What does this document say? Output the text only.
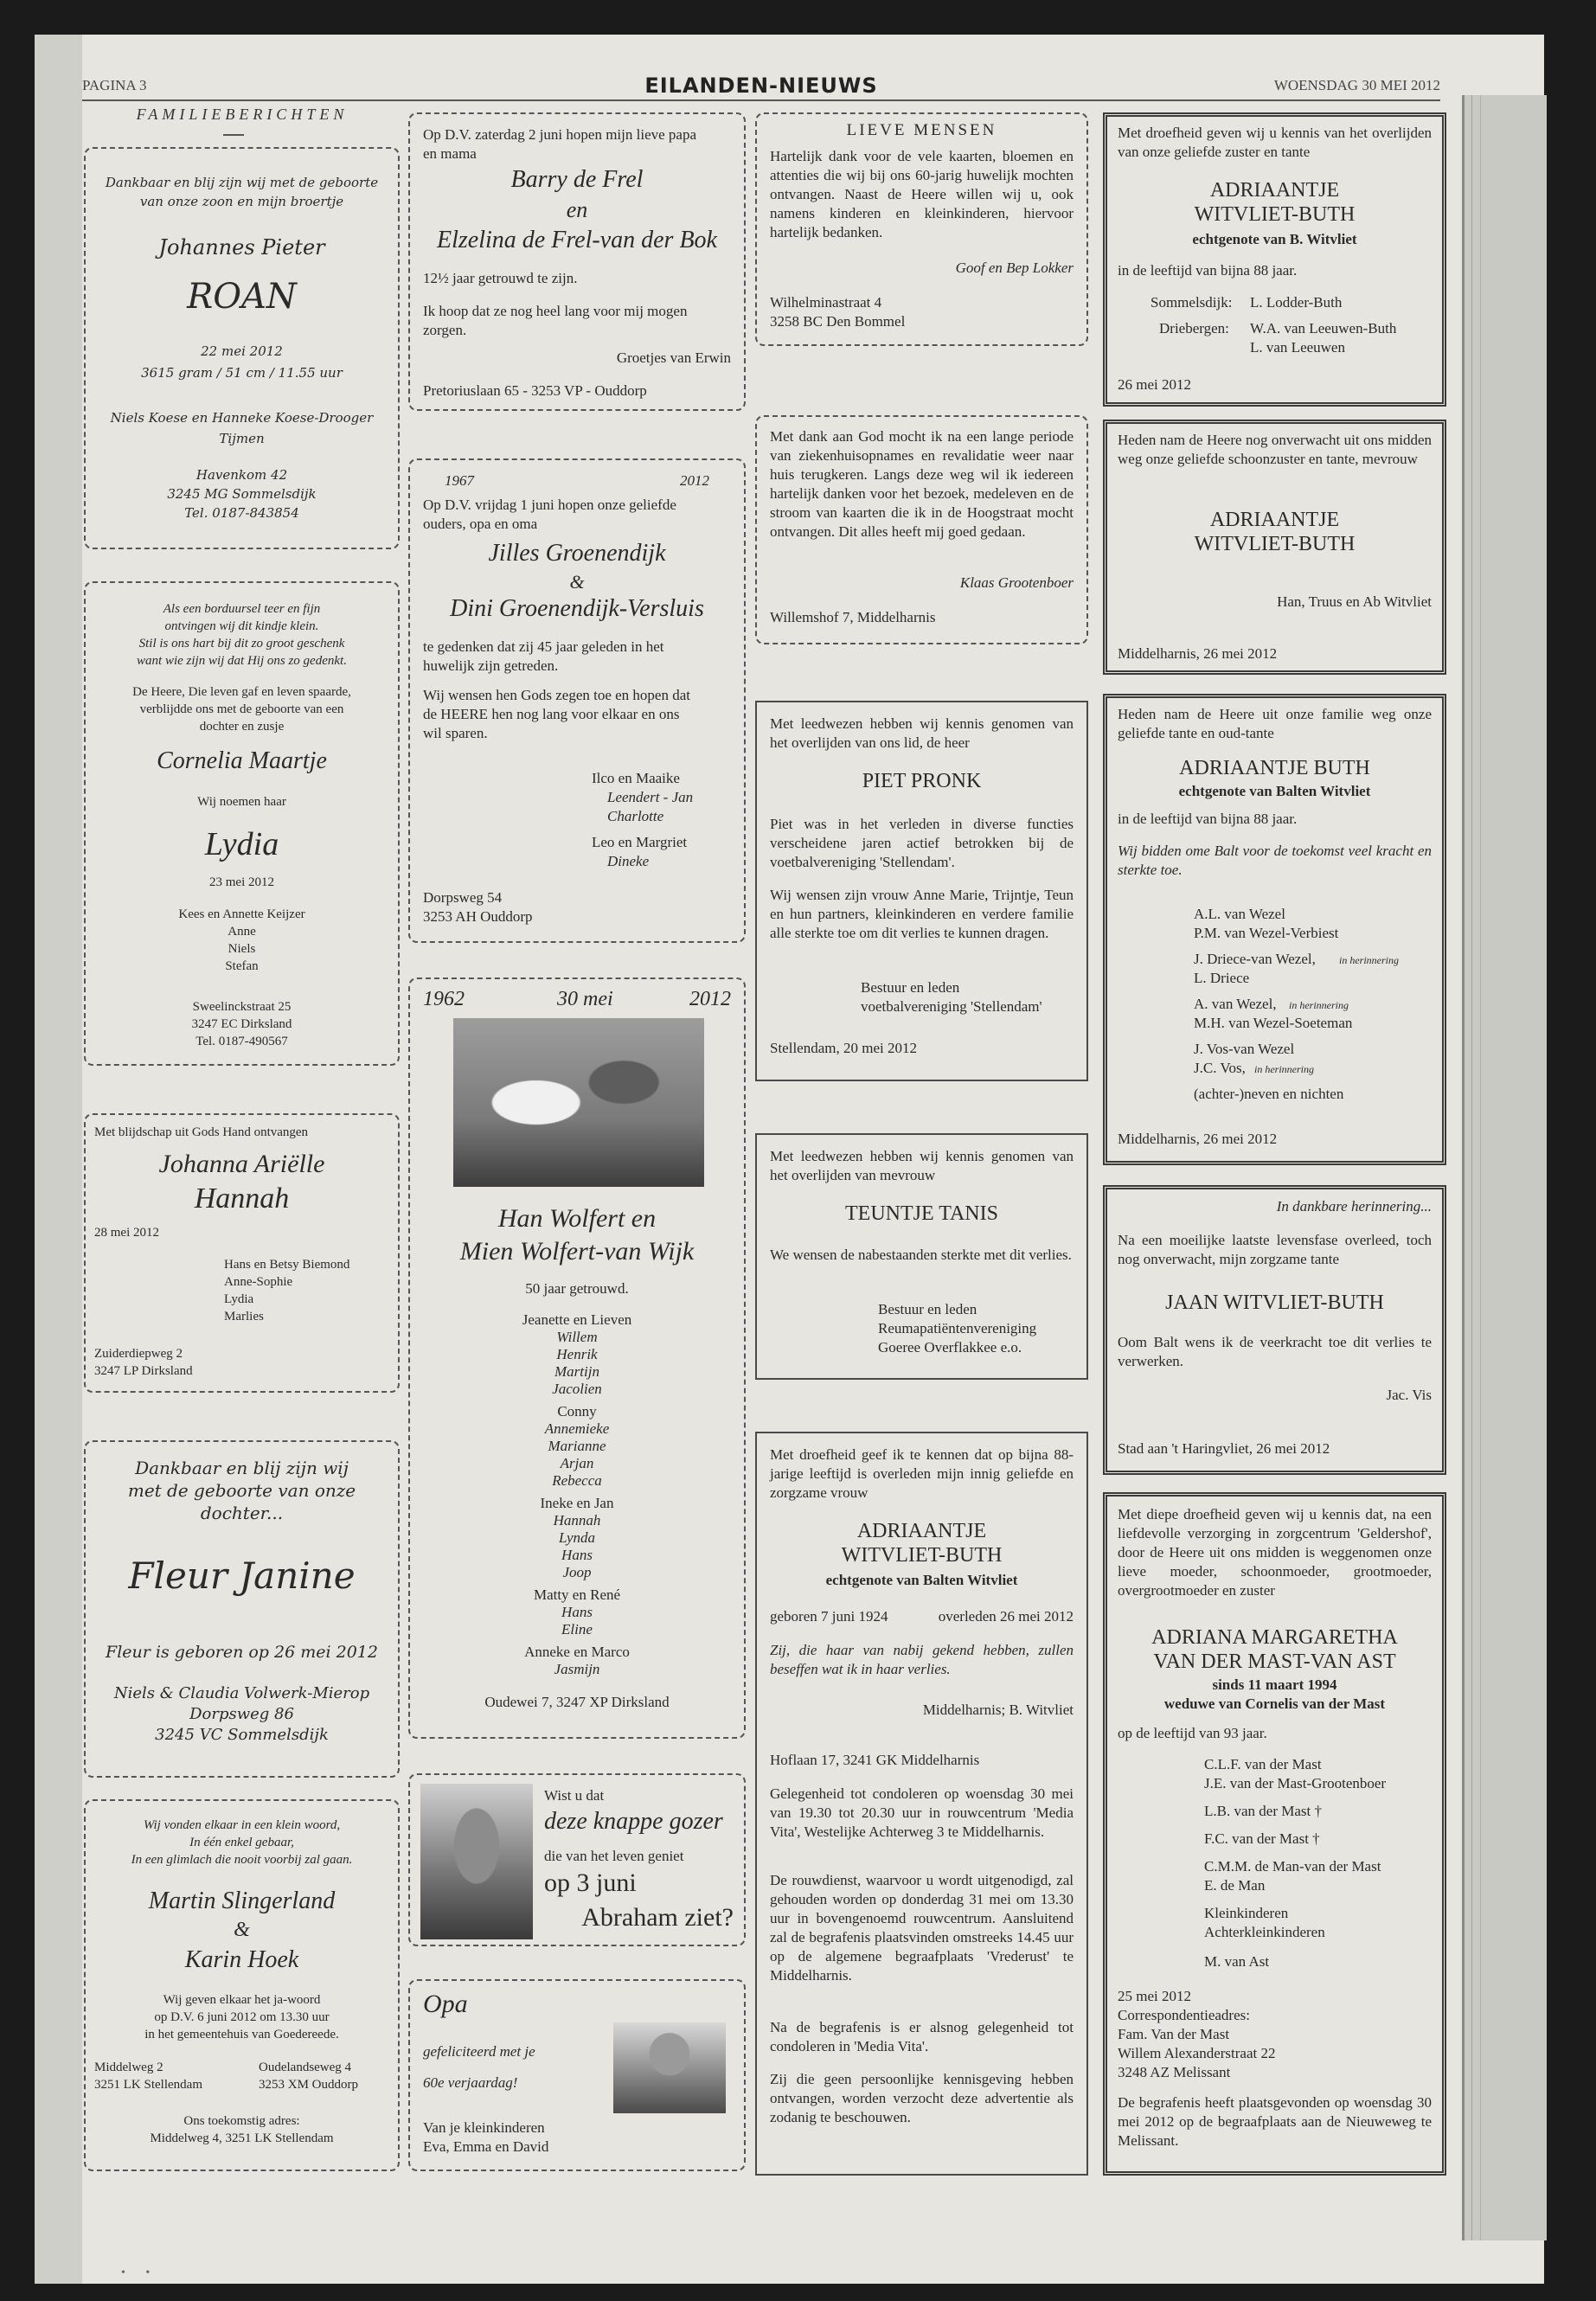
PAGINA 3	EILANDEN-NIEUWS	WOENSDAG 30 MEI 2012
FAMILIEBERICHTEN
Dankbaar en blij zijn wij met de geboorte
van onze zoon en mijn broertje
Johannes Pieter
ROAN
22 mei 2012
3615 gram / 51 cm / 11.55 uur
Niels Koese en Hanneke Koese-Drooger
Tijmen
Havenkom 42
3245 MG Sommelsdijk
Tel. 0187-843854
Als een borduursel teer en fijn
ontvingen wij dit kindje klein.
Stil is ons hart bij dit zo groot geschenk
want wie zijn wij dat Hij ons zo gedenkt.
De Heere, Die leven gaf en leven spaarde,
verblijdde ons met de geboorte van een
dochter en zusje
Cornelia Maartje
Wij noemen haar
Lydia
23 mei 2012
Kees en Annette Keijzer
Anne
Niels
Stefan
Sweelinckstraat 25
3247 EC Dirksland
Tel. 0187-490567
Met blijdschap uit Gods Hand ontvangen
Johanna Ariëlle
Hannah
28 mei 2012
Hans en Betsy Biemond
Anne-Sophie
Lydia
Marlies
Zuiderdiepweg 2
3247 LP Dirksland
Dankbaar en blij zijn wij
met de geboorte van onze
dochter...
Fleur Janine
Fleur is geboren op 26 mei 2012
Niels & Claudia Volwerk-Mierop
Dorpsweg 86
3245 VC Sommelsdijk
Wij vonden elkaar in een klein woord,
In één enkel gebaar,
In een glimlach die nooit voorbij zal gaan.
Martin Slingerland
&
Karin Hoek
Wij geven elkaar het ja-woord
op D.V. 6 juni 2012 om 13.30 uur
in het gemeentehuis van Goedereede.
Middelweg 2
3251 LK Stellendam
Oudelandseweg 4
3253 XM Ouddorp
Ons toekomstig adres:
Middelweg 4, 3251 LK Stellendam
Op D.V. zaterdag 2 juni hopen mijn lieve papa
en mama
Barry de Frel
en
Elzelina de Frel-van der Bok
12½ jaar getrouwd te zijn.
Ik hoop dat ze nog heel lang voor mij mogen
zorgen.
Groetjes van Erwin
Pretoriuslaan 65 - 3253 VP - Ouddorp
1967	2012
Op D.V. vrijdag 1 juni hopen onze geliefde
ouders, opa en oma
Jilles Groenendijk
&
Dini Groenendijk-Versluis
te gedenken dat zij 45 jaar geleden in het
huwelijk zijn getreden.
Wij wensen hen Gods zegen toe en hopen dat
de HEERE hen nog lang voor elkaar en ons
wil sparen.
Ilco en Maaike
Leendert - Jan
Charlotte
Leo en Margriet
Dineke
Dorpsweg 54
3253 AH Ouddorp
1962	30 mei	2012
Han Wolfert en
Mien Wolfert-van Wijk
50 jaar getrouwd.
Jeanette en Lieven
Willem
Henrik
Martijn
Jacolien
Conny
Annemieke
Marianne
Arjan
Rebecca
Ineke en Jan
Hannah
Lynda
Hans
Joop
Matty en René
Hans
Eline
Anneke en Marco
Jasmijn
Oudewei 7, 3247 XP Dirksland
Wist u dat
deze knappe gozer
die van het leven geniet
op 3 juni
Abraham ziet?
Opa
gefeliciteerd met je
60e verjaardag!
Van je kleinkinderen
Eva, Emma en David
LIEVE MENSEN
Hartelijk dank voor de vele kaarten, bloemen en attenties die wij bij ons 60-jarig huwelijk mochten ontvangen. Naast de Heere willen wij u, ook namens kinderen en kleinkinderen, hiervoor hartelijk bedanken.
Goof en Bep Lokker
Wilhelminastraat 4
3258 BC Den Bommel
Met dank aan God mocht ik na een lange periode van ziekenhuisopnames en revalidatie weer naar huis terugkeren. Langs deze weg wil ik iedereen hartelijk danken voor het bezoek, medeleven en de stroom van kaarten die ik in de Hoogstraat mocht ontvangen. Dit alles heeft mij goed gedaan.
Klaas Grootenboer
Willemshof 7, Middelharnis
Met leedwezen hebben wij kennis genomen van het overlijden van ons lid, de heer
PIET PRONK
Piet was in het verleden in diverse functies verscheidene jaren actief betrokken bij de voetbalvereniging 'Stellendam'.
Wij wensen zijn vrouw Anne Marie, Trijntje, Teun en hun partners, kleinkinderen en verdere familie alle sterkte toe om dit verlies te kunnen dragen.
Bestuur en leden
voetbalvereniging 'Stellendam'
Stellendam, 20 mei 2012
Met leedwezen hebben wij kennis genomen van het overlijden van mevrouw
TEUNTJE TANIS
We wensen de nabestaanden sterkte met dit verlies.
Bestuur en leden
Reumapatiëntenvereniging
Goeree Overflakkee e.o.
Met droefheid geef ik te kennen dat op bijna 88-jarige leeftijd is overleden mijn innig geliefde en zorgzame vrouw
ADRIAANTJE
WITVLIET-BUTH
echtgenote van Balten Witvliet
geboren 7 juni 1924	overleden 26 mei 2012
Zij, die haar van nabij gekend hebben, zullen beseffen wat ik in haar verlies.
Middelharnis; B. Witvliet
Hoflaan 17, 3241 GK Middelharnis
Gelegenheid tot condoleren op woensdag 30 mei van 19.30 tot 20.30 uur in rouwcentrum 'Media Vita', Westelijke Achterweg 3 te Middelharnis.
De rouwdienst, waarvoor u wordt uitgenodigd, zal gehouden worden op donderdag 31 mei om 13.30 uur in bovengenoemd rouwcentrum. Aansluitend zal de begrafenis plaatsvinden omstreeks 14.45 uur op de algemene begraafplaats 'Vrederust' te Middelharnis.
Na de begrafenis is er alsnog gelegenheid tot condoleren in 'Media Vita'.
Zij die geen persoonlijke kennisgeving hebben ontvangen, worden verzocht deze advertentie als zodanig te beschouwen.
Met droefheid geven wij u kennis van het overlijden van onze geliefde zuster en tante
ADRIAANTJE
WITVLIET-BUTH
echtgenote van B. Witvliet
in de leeftijd van bijna 88 jaar.
Sommelsdijk: L. Lodder-Buth
Driebergen: W.A. van Leeuwen-Buth
L. van Leeuwen
26 mei 2012
Heden nam de Heere nog onverwacht uit ons midden weg onze geliefde schoonzuster en tante, mevrouw
ADRIAANTJE
WITVLIET-BUTH
Han, Truus en Ab Witvliet
Middelharnis, 26 mei 2012
Heden nam de Heere uit onze familie weg onze geliefde tante en oud-tante
ADRIAANTJE BUTH
echtgenote van Balten Witvliet
in de leeftijd van bijna 88 jaar.
Wij bidden ome Balt voor de toekomst veel kracht en sterkte toe.
A.L. van Wezel
P.M. van Wezel-Verbiest
J. Driece-van Wezel, in herinnering
L. Driece
A. van Wezel, in herinnering
M.H. van Wezel-Soeteman
J. Vos-van Wezel
J.C. Vos, in herinnering
(achter-)neven en nichten
Middelharnis, 26 mei 2012
In dankbare herinnering...
Na een moeilijke laatste levensfase overleed, toch nog onverwacht, mijn zorgzame tante
JAAN WITVLIET-BUTH
Oom Balt wens ik de veerkracht toe dit verlies te verwerken.
Jac. Vis
Stad aan 't Haringvliet, 26 mei 2012
Met diepe droefheid geven wij u kennis dat, na een liefdevolle verzorging in zorgcentrum 'Geldershof', door de Heere uit ons midden is weggenomen onze lieve moeder, schoonmoeder, grootmoeder, overgrootmoeder en zuster
ADRIANA MARGARETHA
VAN DER MAST-VAN AST
sinds 11 maart 1994
weduwe van Cornelis van der Mast
op de leeftijd van 93 jaar.
C.L.F. van der Mast
J.E. van der Mast-Grootenboer
L.B. van der Mast †
F.C. van der Mast †
C.M.M. de Man-van der Mast
E. de Man
Kleinkinderen
Achterkleinkinderen
M. van Ast
25 mei 2012
Correspondentieadres:
Fam. Van der Mast
Willem Alexanderstraat 22
3248 AZ Melissant
De begrafenis heeft plaatsgevonden op woensdag 30 mei 2012 op de begraafplaats aan de Nieuweweg te Melissant.
• •
